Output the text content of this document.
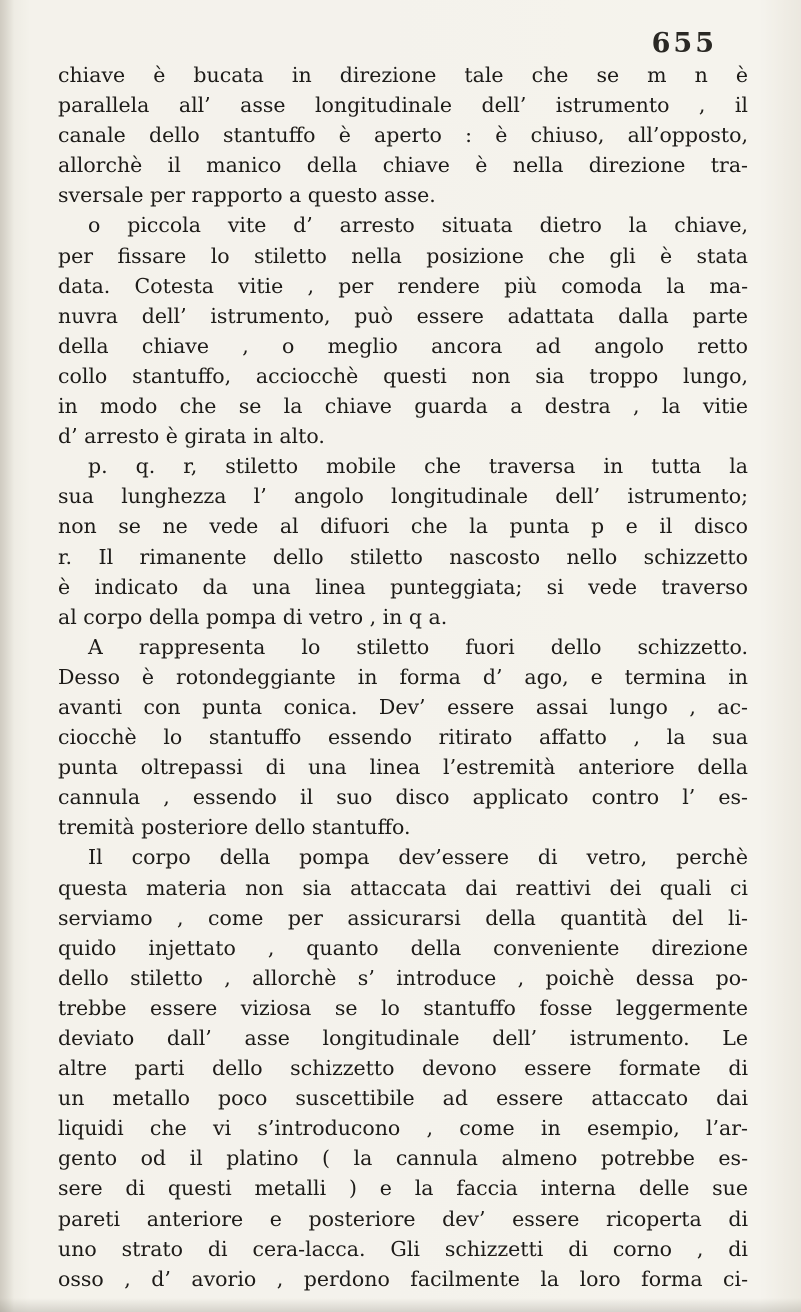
655
chiave è bucata in direzione tale che se m n è
parallela all’ asse longitudinale dell’ istrumento , il
canale dello stantuffo è aperto : è chiuso, all’opposto,
allorchè il manico della chiave è nella direzione tra-
sversale per rapporto a questo asse.
o piccola vite d’ arresto situata dietro la chiave,
per fissare lo stiletto nella posizione che gli è stata
data. Cotesta vitie , per rendere più comoda la ma-
nuvra dell’ istrumento, può essere adattata dalla parte
della chiave , o meglio ancora ad angolo retto
collo stantuffo, acciocchè questi non sia troppo lungo,
in modo che se la chiave guarda a destra , la vitie
d’ arresto è girata in alto.
p. q. r, stiletto mobile che traversa in tutta la
sua lunghezza l’ angolo longitudinale dell’ istrumento;
non se ne vede al difuori che la punta p e il disco
r. Il rimanente dello stiletto nascosto nello schizzetto
è indicato da una linea punteggiata; si vede traverso
al corpo della pompa di vetro , in q a.
A rappresenta lo stiletto fuori dello schizzetto.
Desso è rotondeggiante in forma d’ ago, e termina in
avanti con punta conica. Dev’ essere assai lungo , ac-
ciocchè lo stantuffo essendo ritirato affatto , la sua
punta oltrepassi di una linea l’estremità anteriore della
cannula , essendo il suo disco applicato contro l’ es-
tremità posteriore dello stantuffo.
Il corpo della pompa dev’essere di vetro, perchè
questa materia non sia attaccata dai reattivi dei quali ci
serviamo , come per assicurarsi della quantità del li-
quido injettato , quanto della conveniente direzione
dello stiletto , allorchè s’ introduce , poichè dessa po-
trebbe essere viziosa se lo stantuffo fosse leggermente
deviato dall’ asse longitudinale dell’ istrumento. Le
altre parti dello schizzetto devono essere formate di
un metallo poco suscettibile ad essere attaccato dai
liquidi che vi s’introducono , come in esempio, l’ar-
gento od il platino ( la cannula almeno potrebbe es-
sere di questi metalli ) e la faccia interna delle sue
pareti anteriore e posteriore dev’ essere ricoperta di
uno strato di cera-lacca. Gli schizzetti di corno , di
osso , d’ avorio , perdono facilmente la loro forma ci-
